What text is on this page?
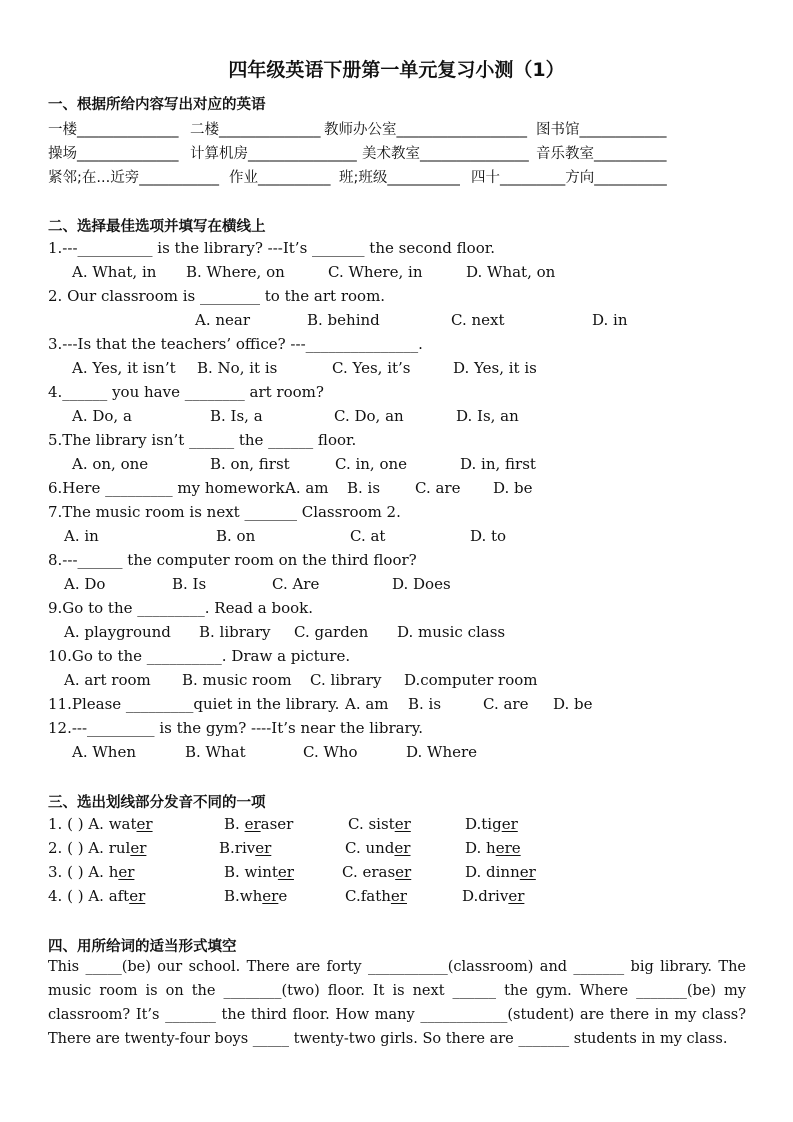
四年级英语下册第一单元复习小测（1）
一、根据所给内容写出对应的英语
一楼______________ 二楼______________ 教师办公室__________________ 图书馆____________
操场______________ 计算机房_______________ 美术教室_______________ 音乐教室__________
紧邻;在...近旁___________ 作业__________ 班;班级__________ 四十_________方向__________
二、选择最佳选项并填写在横线上
1.---__________ is the library? ---It’s _______ the second floor.
A. What, in B. Where, on	C. Where, in	D. What, on
2. Our classroom is ________ to the art room.
A. near	B. behind	C. next	D. in
3.---Is that the teachers’ office? ---_______________.
A. Yes, it isn’t B. No, it is	C. Yes, it’s	D. Yes, it is
4.______ you have ________ art room?
A. Do, a	B. Is, a	C. Do, an	D. Is, an
5.The library isn’t ______ the ______ floor.
A. on, one	B. on, first	C. in, one	D. in, first
6.Here _________ my homework.
A. am B. is C. are D. be
7.The music room is next _______ Classroom 2.
A. in	B. on	C. at	D. to
8.---______ the computer room on the third floor?
A. Do	B. Is	C. Are	D. Does
9.Go to the _________. Read a book.
A. playground B. library C. garden D. music class
10.Go to the __________. Draw a picture.
A. art room B. music room C. library D.computer room
11.Please _________quiet in the library. A. am B. is	C. are D. be
12.---_________ is the gym? ----It’s near the library.
A. When	B. What	C. Who	D. Where
三、选出划线部分发音不同的一项
1. ( ) A. water	B. eraser	C. sister	D.tiger
2. ( ) A. ruler	B.river	C. under	D. here
3. ( ) A. her	B. winter	C. eraser	D. dinner
4. ( ) A. after	B.where	C.father	D.driver
四、用所给词的适当形式填空
This _____(be) our school. There are forty ___________(classroom) and _______ big library. The music room is on the ________(two) floor. It is next ______ the gym. Where _______(be) my classroom? It’s _______ the third floor. How many ____________(student) are there in my class? There are twenty-four boys _____ twenty-two girls. So there are _______ students in my class.
